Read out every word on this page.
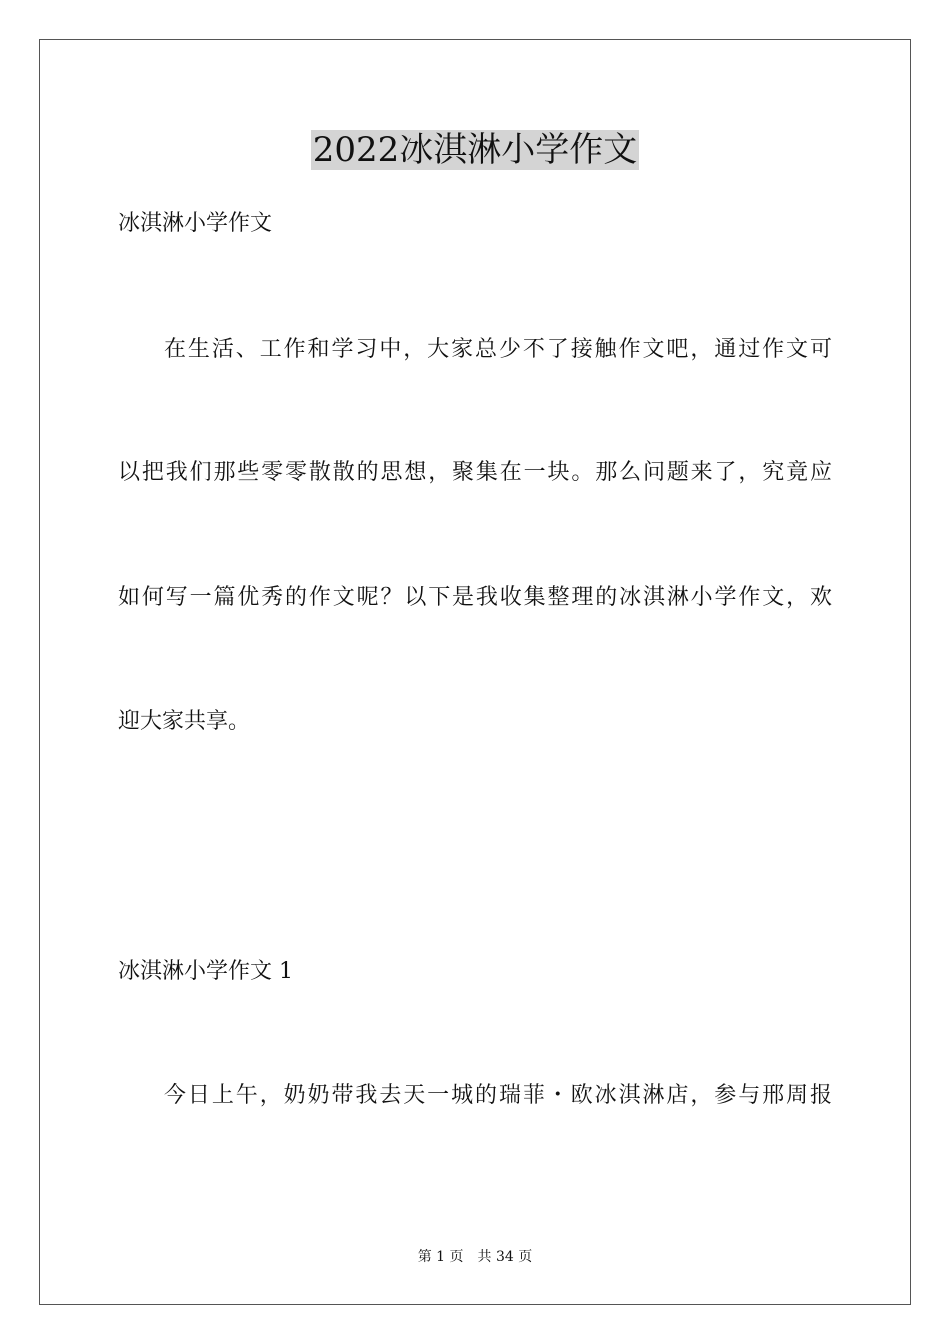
2022冰淇淋小学作文
冰淇淋小学作文
在生活、工作和学习中，大家总少不了接触作文吧，通过作文可
以把我们那些零零散散的思想，聚集在一块。那么问题来了，究竟应
如何写一篇优秀的作文呢？以下是我收集整理的冰淇淋小学作文，欢
迎大家共享。
冰淇淋小学作文 1
今日上午，奶奶带我去天一城的瑞菲・欧冰淇淋店，参与邢周报
第 1 页 共 34 页
